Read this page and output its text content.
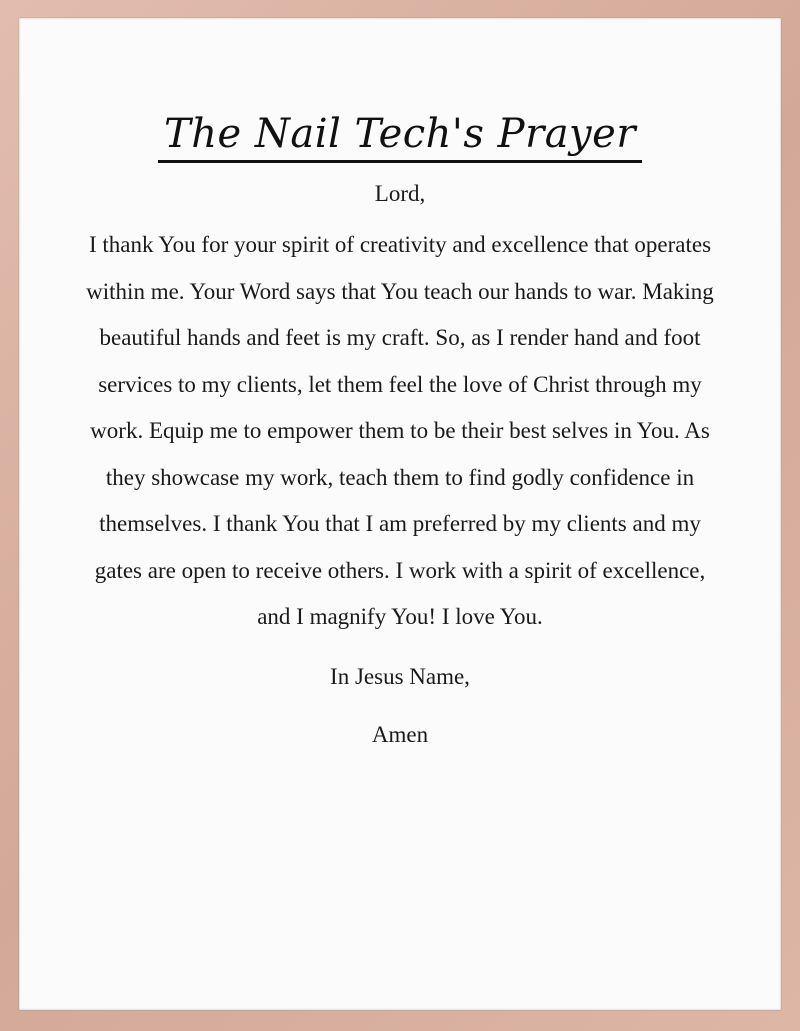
The Nail Tech's Prayer

Lord,

I thank You for your spirit of creativity and excellence that operates within me. Your Word says that You teach our hands to war. Making beautiful hands and feet is my craft. So, as I render hand and foot services to my clients, let them feel the love of Christ through my work. Equip me to empower them to be their best selves in You. As they showcase my work, teach them to find godly confidence in themselves. I thank You that I am preferred by my clients and my gates are open to receive others. I work with a spirit of excellence, and I magnify You! I love You.

In Jesus Name,

Amen
